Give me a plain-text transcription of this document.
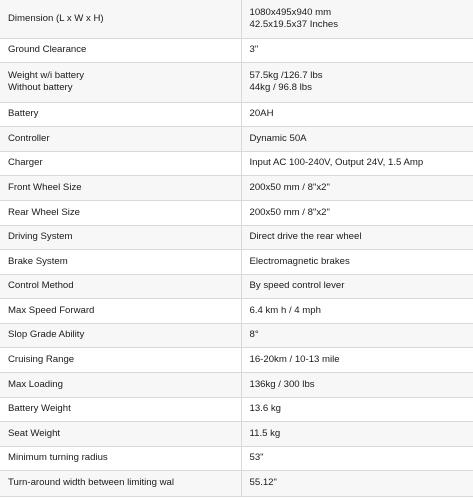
Dimension (L x W x H)	1080x495x940 mm
42.5x19.5x37 Inches

Ground Clearance	3"

Weight w/i battery
Without battery	57.5kg /126.7 lbs
44kg / 96.8 lbs

Battery	20AH

Controller	Dynamic 50A

Charger	Input AC 100-240V, Output 24V, 1.5 Amp

Front Wheel Size	200x50 mm / 8"x2"

Rear Wheel Size	200x50 mm / 8"x2"

Driving System	Direct drive the rear wheel

Brake System	Electromagnetic brakes

Control Method	By speed control lever

Max Speed Forward	6.4 km h / 4 mph

Slop Grade Ability	8°

Cruising Range	16-20km / 10-13 mile

Max Loading	136kg / 300 lbs

Battery Weight	13.6 kg

Seat Weight	11.5 kg

Minimum turning radius	53"

Turn-around width between limiting wal	55.12"
